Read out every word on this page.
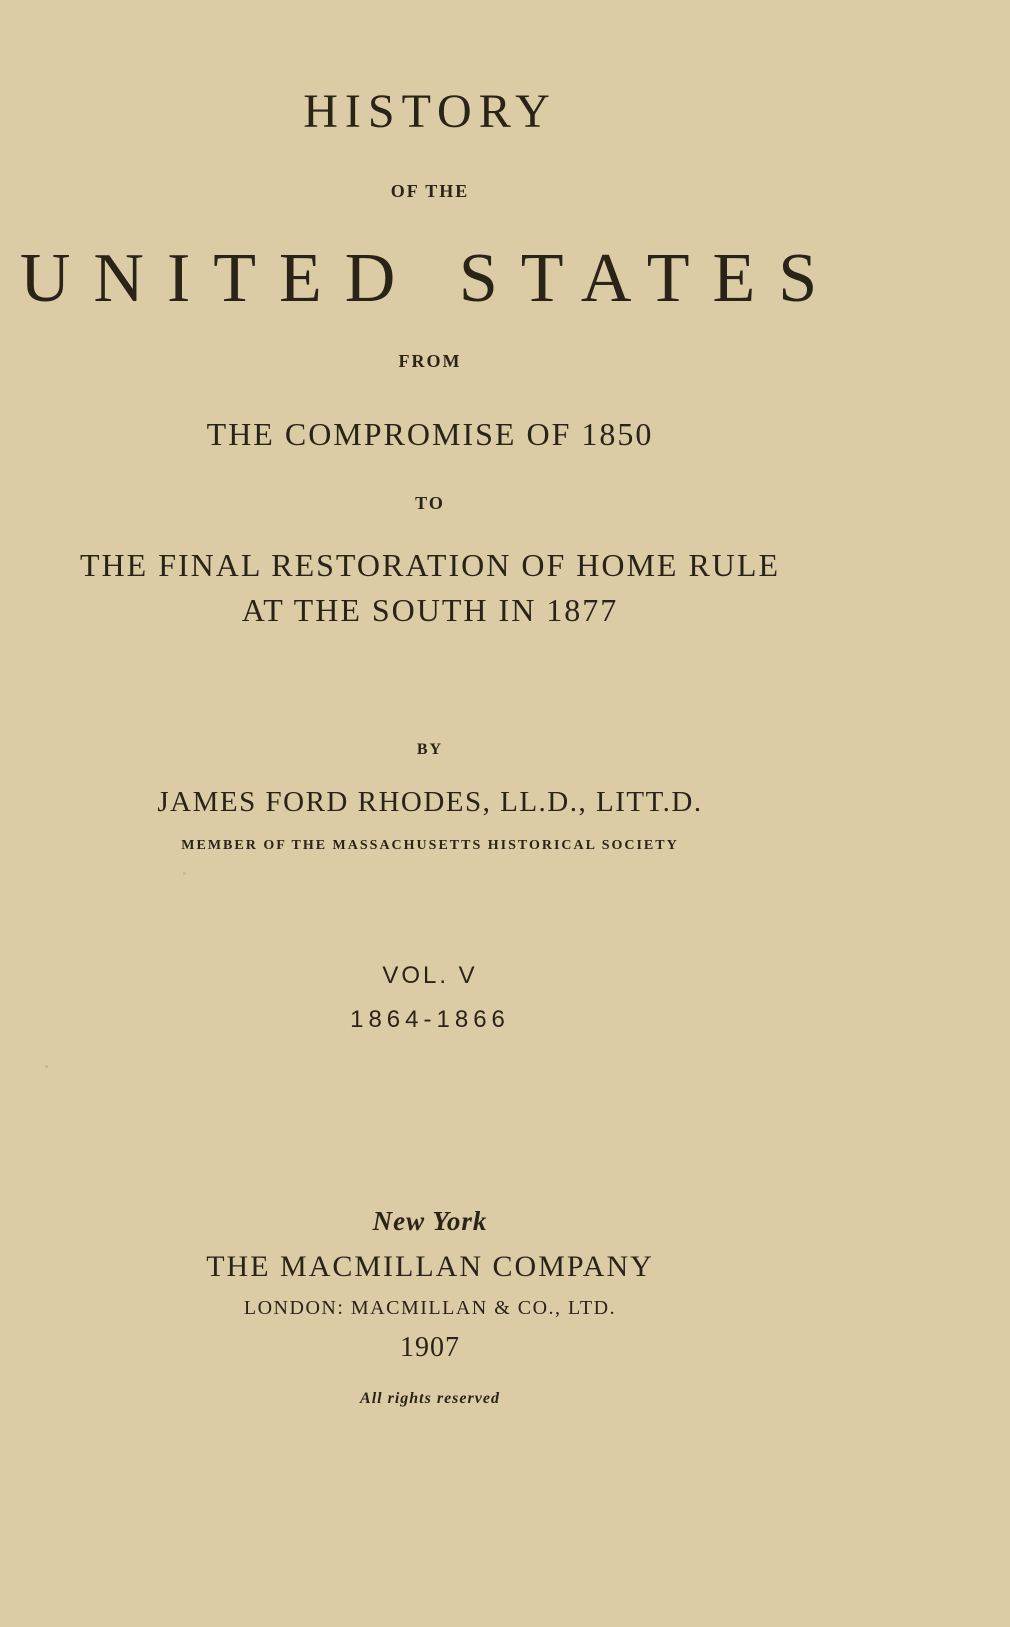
HISTORY
OF THE
UNITED STATES
FROM
THE COMPROMISE OF 1850
TO
THE FINAL RESTORATION OF HOME RULE
AT THE SOUTH IN 1877
BY
JAMES FORD RHODES, LL.D., LITT.D.
MEMBER OF THE MASSACHUSETTS HISTORICAL SOCIETY
VOL. V
1864-1866
New York
THE MACMILLAN COMPANY
LONDON: MACMILLAN & CO., LTD.
1907
All rights reserved
